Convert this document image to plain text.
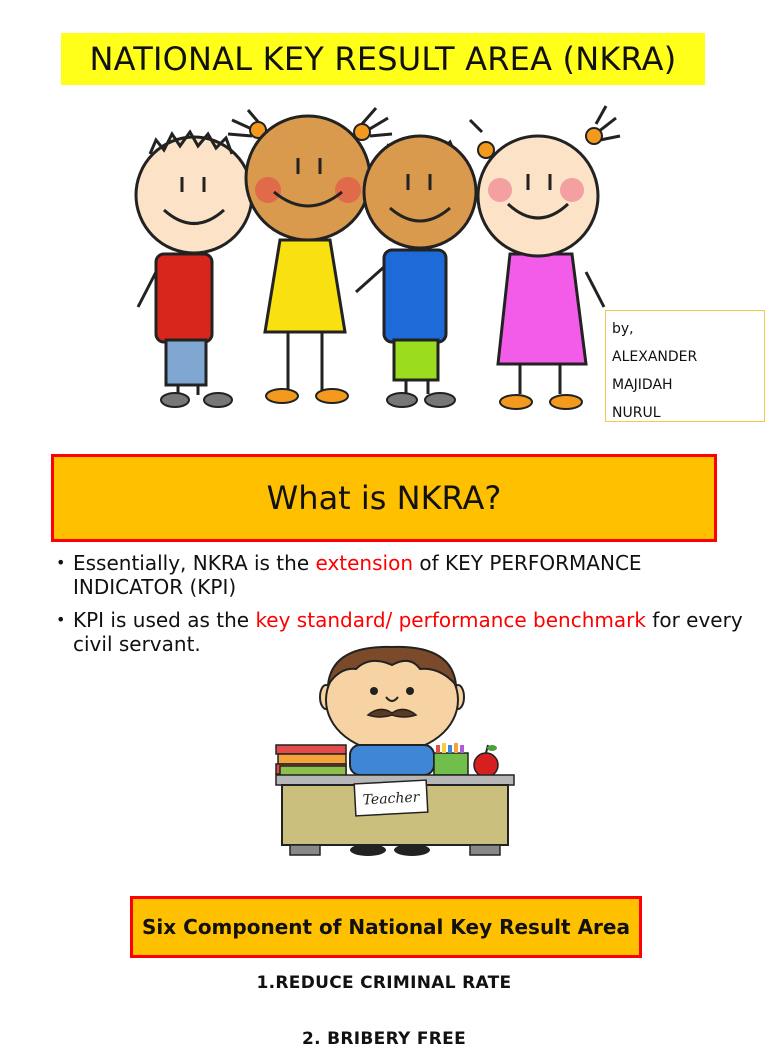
NATIONAL KEY RESULT AREA (NKRA)
by,
ALEXANDER
MAJIDAH
NURUL
What is NKRA?
• Essentially, NKRA is the extension of KEY PERFORMANCE INDICATOR (KPI)
• KPI is used as the key standard/ performance benchmark for every civil servant.
Teacher
Six Component of National Key Result Area
1.REDUCE CRIMINAL RATE
2. BRIBERY FREE
